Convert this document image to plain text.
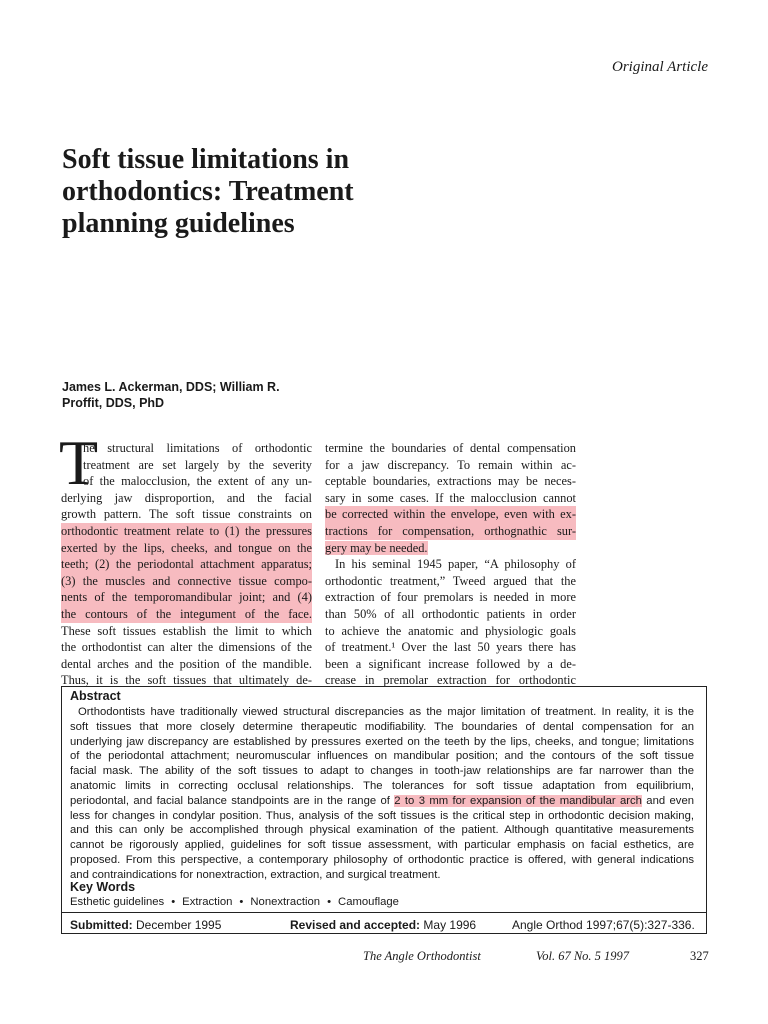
Original Article
Soft tissue limitations in
orthodontics: Treatment
planning guidelines
James L. Ackerman, DDS; William R.
Proffit, DDS, PhD
T
he structural limitations of orthodontic
treatment are set largely by the severity
of the malocclusion, the extent of any un-
derlying jaw disproportion, and the facial
growth pattern. The soft tissue constraints on
orthodontic treatment relate to (1) the pressures
exerted by the lips, cheeks, and tongue on the
teeth; (2) the periodontal attachment apparatus;
(3) the muscles and connective tissue compo-
nents of the temporomandibular joint; and (4)
the contours of the integument of the face.
These soft tissues establish the limit to which
the orthodontist can alter the dimensions of the
dental arches and the position of the mandible.
Thus, it is the soft tissues that ultimately de-
termine the boundaries of dental compensation
for a jaw discrepancy. To remain within ac-
ceptable boundaries, extractions may be neces-
sary in some cases. If the malocclusion cannot
be corrected within the envelope, even with ex-
tractions for compensation, orthognathic sur-
gery may be needed.
In his seminal 1945 paper, “A philosophy of
orthodontic treatment,” Tweed argued that the
extraction of four premolars is needed in more
than 50% of all orthodontic patients in order
to achieve the anatomic and physiologic goals
of treatment.¹ Over the last 50 years there has
been a significant increase followed by a de-
crease in premolar extraction for orthodontic
Abstract
Orthodontists have traditionally viewed structural discrepancies as the major limitation of treatment. In reality, it is the
soft tissues that more closely determine therapeutic modifiability. The boundaries of dental compensation for an
underlying jaw discrepancy are established by pressures exerted on the teeth by the lips, cheeks, and tongue; limitations
of the periodontal attachment; neuromuscular influences on mandibular position; and the contours of the soft tissue
facial mask. The ability of the soft tissues to adapt to changes in tooth-jaw relationships are far narrower than the
anatomic limits in correcting occlusal relationships. The tolerances for soft tissue adaptation from equilibrium,
periodontal, and facial balance standpoints are in the range of 2 to 3 mm for expansion of the mandibular arch and even
less for changes in condylar position. Thus, analysis of the soft tissues is the critical step in orthodontic decision making,
and this can only be accomplished through physical examination of the patient. Although quantitative measurements
cannot be rigorously applied, guidelines for soft tissue assessment, with particular emphasis on facial esthetics, are
proposed. From this perspective, a contemporary philosophy of orthodontic practice is offered, with general indications
and contraindications for nonextraction, extraction, and surgical treatment.
Key Words
Esthetic guidelines • Extraction • Nonextraction • Camouflage
Submitted: December 1995	Revised and accepted: May 1996	Angle Orthod 1997;67(5):327-336.
The Angle Orthodontist	Vol. 67 No. 5 1997	327
